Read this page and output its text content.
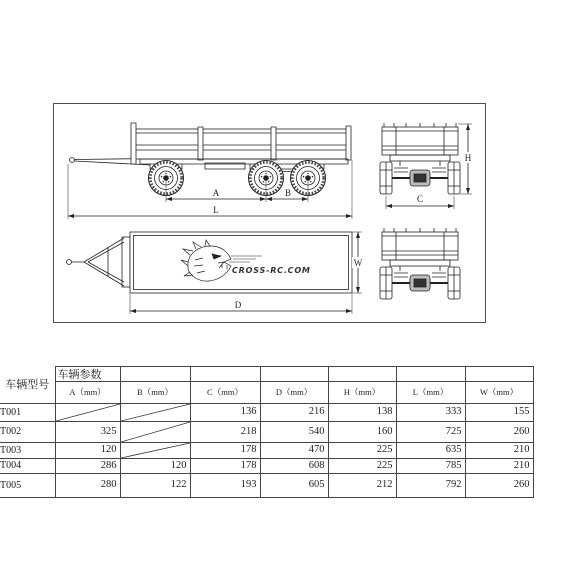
A	B
L
H
C
CROSS-RC.COM
W
D
车辆型号	车辆参数						
	A（mm）	B（mm）	C（mm）	D（mm）	H（mm）	L（mm）	W（mm）
T001			136	216	138	333	155
T002	325		218	540	160	725	260
T003	120		178	470	225	635	210
T004	286	120	178	608	225	785	210
T005	280	122	193	605	212	792	260
